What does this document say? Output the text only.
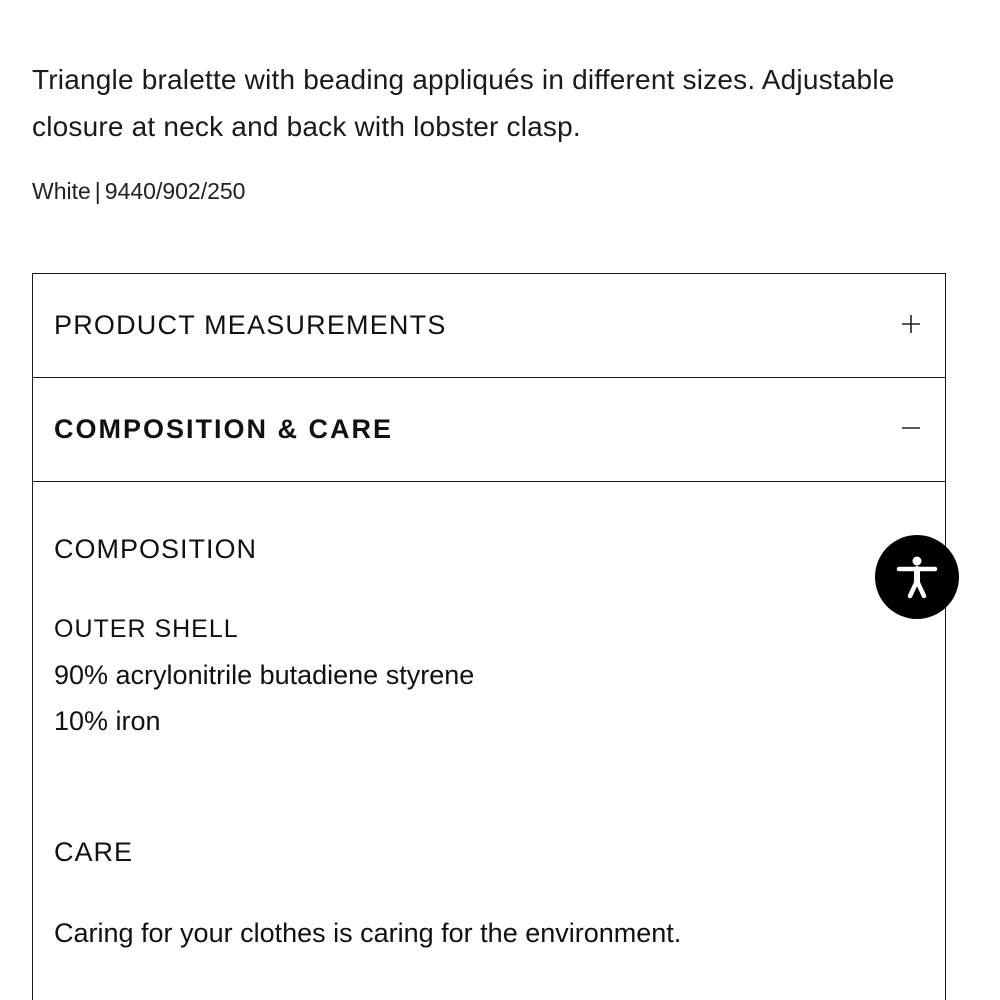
Triangle bralette with beading appliqués in different sizes. Adjustable closure at neck and back with lobster clasp.

White | 9440/902/250
PRODUCT MEASUREMENTS
COMPOSITION & CARE
COMPOSITION
OUTER SHELL
90% acrylonitrile butadiene styrene
10% iron
CARE
Caring for your clothes is caring for the environment.
